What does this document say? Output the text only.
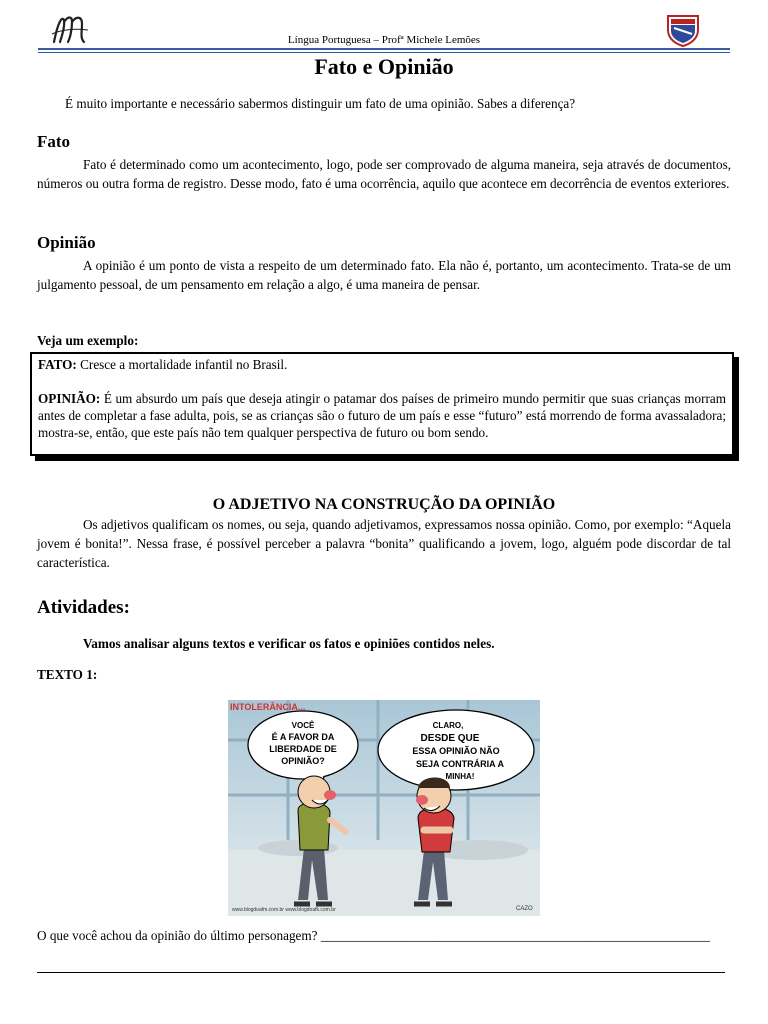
Língua Portuguesa – Profª Michele Lemões
Fato e Opinião

É muito importante e necessário sabermos distinguir um fato de uma opinião. Sabes a diferença?

Fato

Fato é determinado como um acontecimento, logo, pode ser comprovado de alguma maneira, seja através de documentos, números ou outra forma de registro. Desse modo, fato é uma ocorrência, aquilo que acontece em decorrência de eventos exteriores.

Opinião

A opinião é um ponto de vista a respeito de um determinado fato. Ela não é, portanto, um acontecimento. Trata-se de um julgamento pessoal, de um pensamento em relação a algo, é uma maneira de pensar.

Veja um exemplo:

FATO: Cresce a mortalidade infantil no Brasil.

OPINIÃO: É um absurdo um país que deseja atingir o patamar dos países de primeiro mundo permitir que suas crianças morram antes de completar a fase adulta, pois, se as crianças são o futuro de um país e esse “futuro” está morrendo de forma avassaladora; mostra-se, então, que este país não tem qualquer perspectiva de futuro ou bom sendo.

O ADJETIVO NA CONSTRUÇÃO DA OPINIÃO

Os adjetivos qualificam os nomes, ou seja, quando adjetivamos, expressamos nossa opinião. Como, por exemplo: “Aquela jovem é bonita!”. Nessa frase, é possível perceber a palavra “bonita” qualificando a jovem, logo, alguém pode discordar de tal característica.

Atividades:
Vamos analisar alguns textos e verificar os fatos e opiniões contidos neles.
TEXTO 1:
INTOLERÂNCIA...
VOCÊ
É A FAVOR DA
LIBERDADE DE
OPINIÃO?
CLARO,
DESDE QUE
ESSA OPINIÃO NÃO
SEJA CONTRÁRIA A
MINHA!
www.blogdoafm.com.br www.blogdoafk.com.br	CAZO
O que você achou da opinião do último personagem? ___________________________________________________________
